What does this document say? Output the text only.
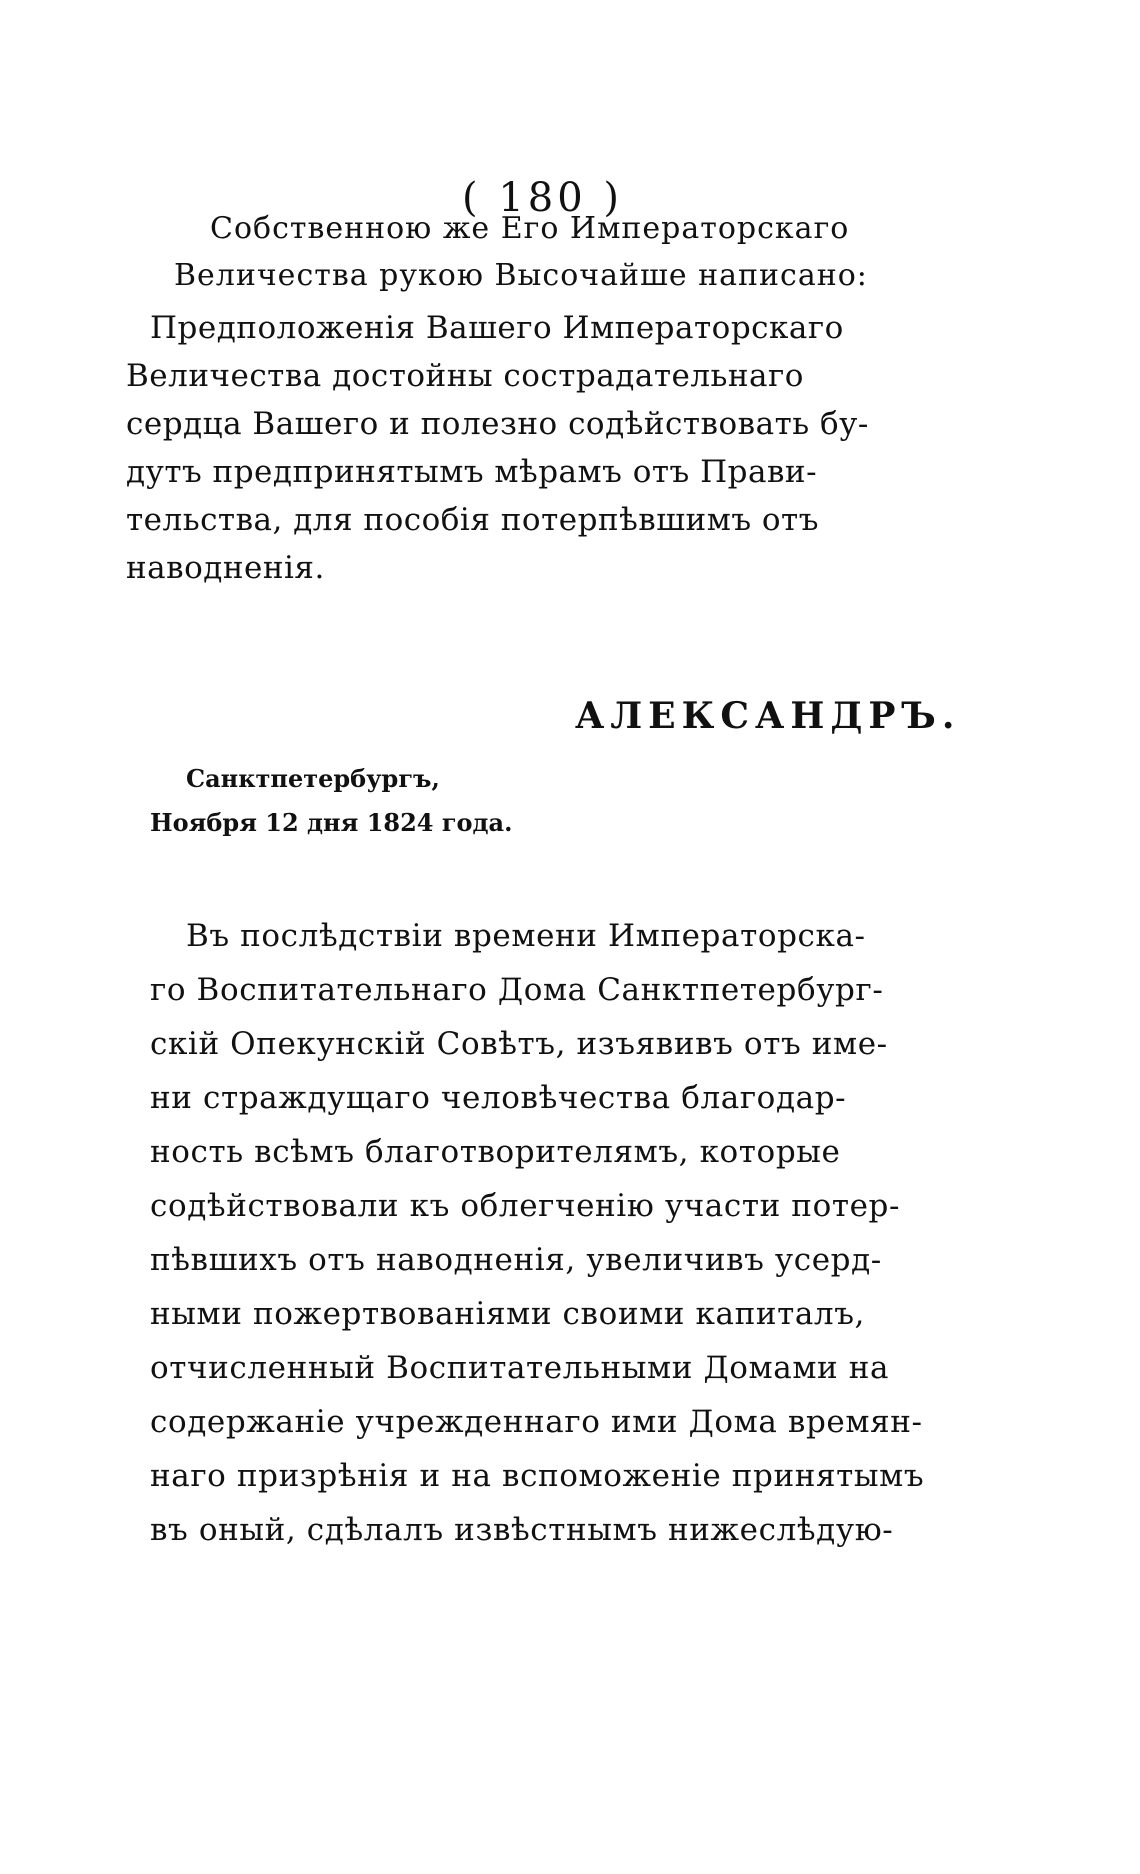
( 180 )
Собственною же Его Императорскаго
Величества рукою Высочайше написано:
Предположенія Вашего Императорскаго
Величества достойны сострадательнаго
сердца Вашего и полезно содѣйствовать бу-
дутъ предпринятымъ мѣрамъ отъ Прави-
тельства, для пособія потерпѣвшимъ отъ
наводненія.
АЛЕКСАНДРЪ.
Санктпетербургъ,
Ноября 12 дня 1824 года.
Въ послѣдствіи времени Императорска-
го Воспитательнаго Дома Санктпетербург-
скій Опекунскій Совѣтъ, изъявивъ отъ име-
ни страждущаго человѣчества благодар-
ность всѣмъ благотворителямъ, которые
содѣйствовали къ облегченію участи потер-
пѣвшихъ отъ наводненія, увеличивъ усерд-
ными пожертвованіями своими капиталъ,
отчисленный Воспитательными Домами на
содержаніе учрежденнаго ими Дома времян-
наго призрѣнія и на вспоможеніе принятымъ
въ оный, сдѣлалъ извѣстнымъ нижеслѣдую-
